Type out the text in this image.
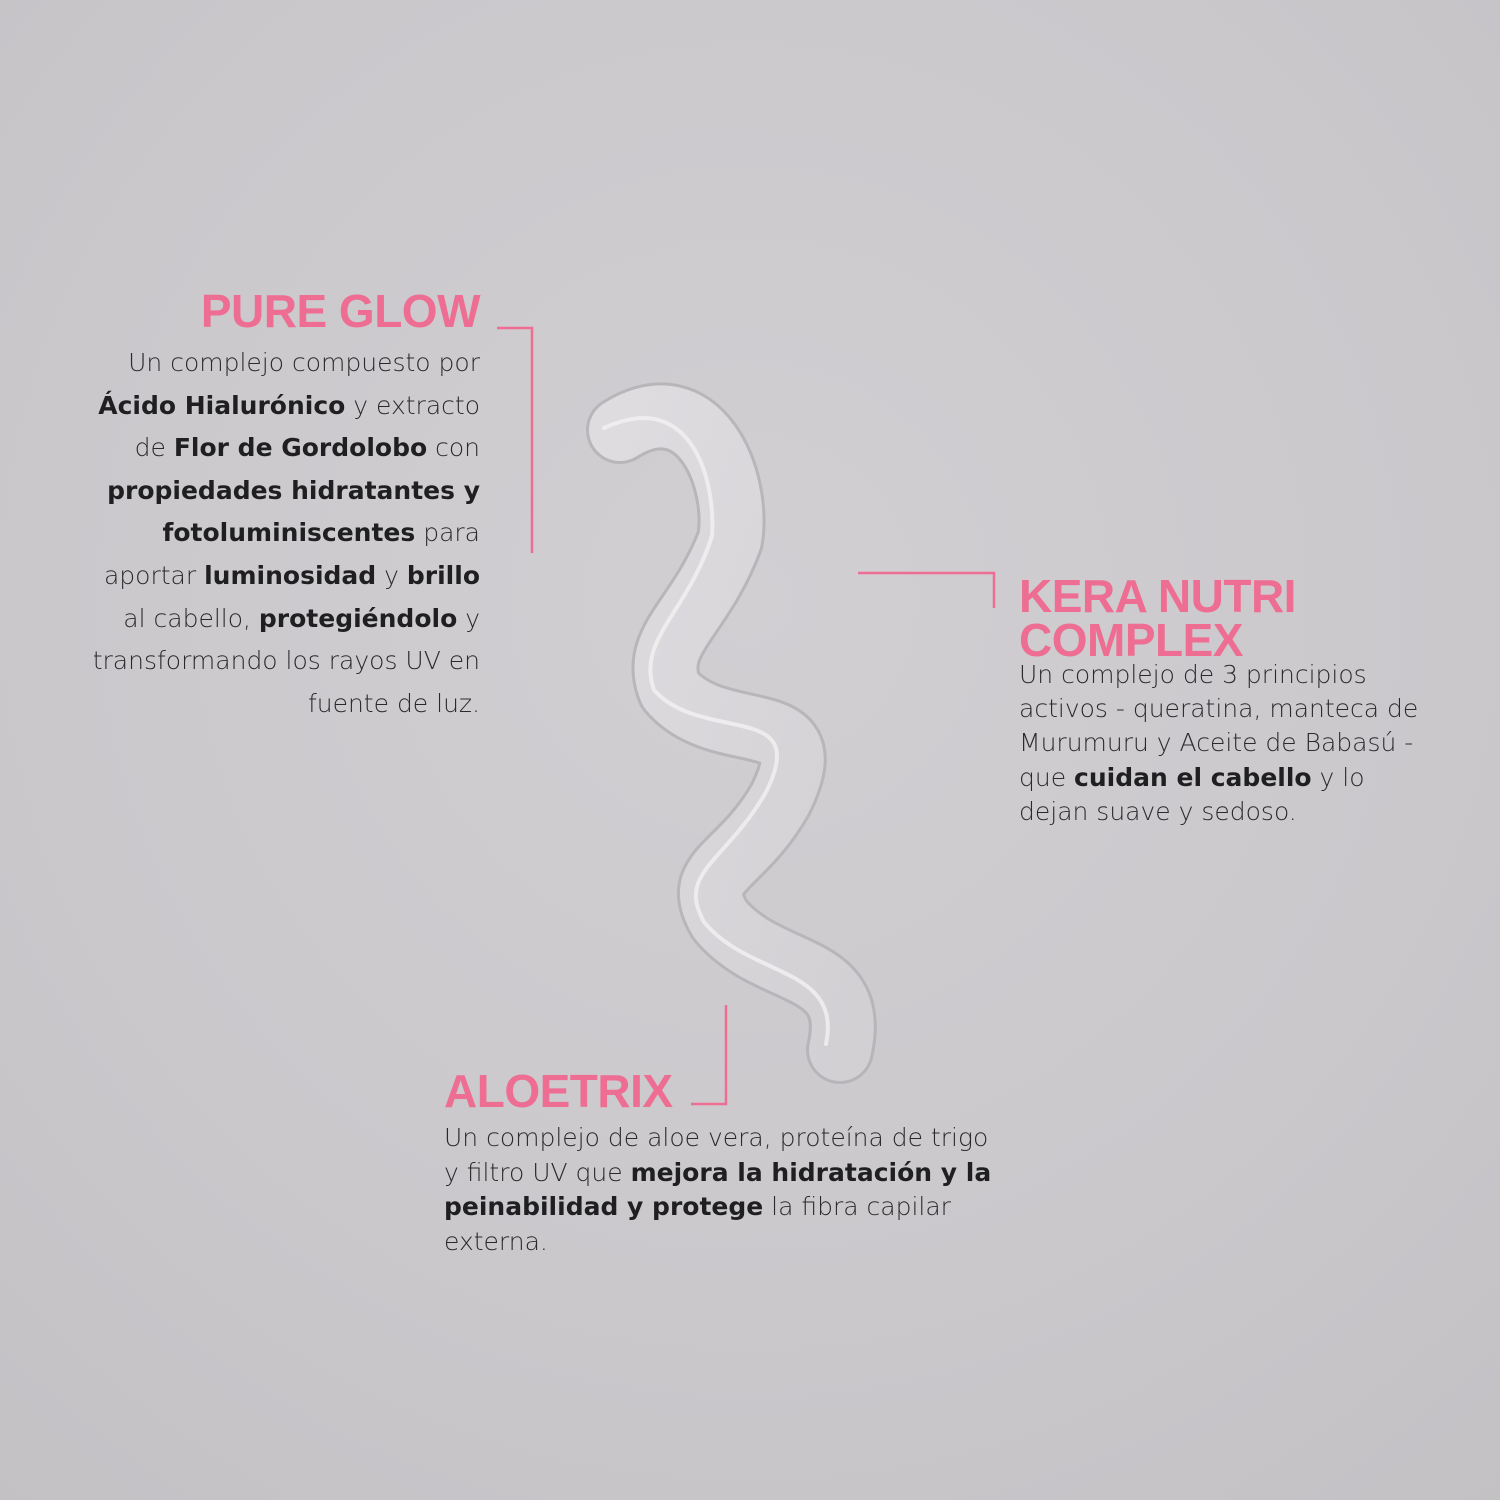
PURE GLOW

Un complejo compuesto por Ácido Hialurónico y extracto de Flor de Gordolobo con propiedades hidratantes y fotoluminiscentes para aportar luminosidad y brillo al cabello, protegiéndolo y transformando los rayos UV en fuente de luz.

KERA NUTRI COMPLEX

Un complejo de 3 principios activos - queratina, manteca de Murumuru y Aceite de Babasú - que cuidan el cabello y lo dejan suave y sedoso.

ALOETRIX

Un complejo de aloe vera, proteína de trigo y filtro UV que mejora la hidratación y la peinabilidad y protege la fibra capilar externa.
